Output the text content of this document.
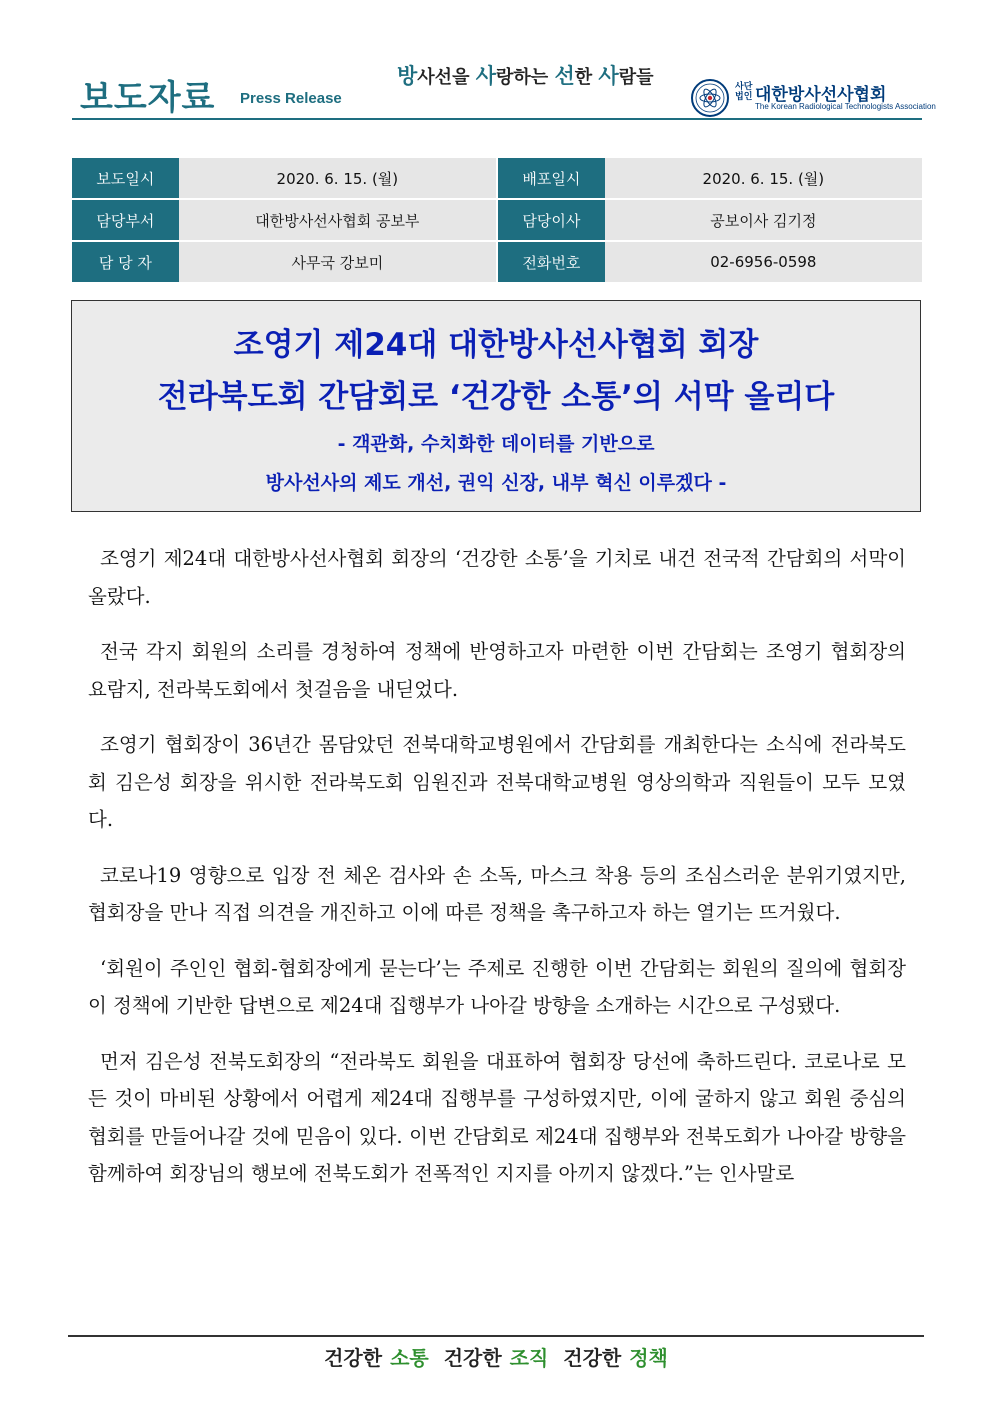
보도자료 Press Release
방사선을 사랑하는 선한 사람들	사단
법인 대한방사선사협회
The Korean Radiological Technologists Association
보도일시	2020. 6. 15. (월)		배포일시	2020. 6. 15. (월)
담당부서	대한방사선사협회 공보부		담당이사	공보이사 김기정
담 당 자	사무국 강보미		전화번호	02-6956-0598
조영기 제24대 대한방사선사협회 회장
전라북도회 간담회로 ‘건강한 소통’의 서막 올리다
- 객관화, 수치화한 데이터를 기반으로
방사선사의 제도 개선, 권익 신장, 내부 혁신 이루겠다 -

조영기 제24대 대한방사선사협회 회장의 ‘건강한 소통’을 기치로 내건 전국적 간담회의 서막이 올랐다.

전국 각지 회원의 소리를 경청하여 정책에 반영하고자 마련한 이번 간담회는 조영기 협회장의 요람지, 전라북도회에서 첫걸음을 내딛었다.

조영기 협회장이 36년간 몸담았던 전북대학교병원에서 간담회를 개최한다는 소식에 전라북도회 김은성 회장을 위시한 전라북도회 임원진과 전북대학교병원 영상의학과 직원들이 모두 모였다.

코로나19 영향으로 입장 전 체온 검사와 손 소독, 마스크 착용 등의 조심스러운 분위기였지만, 협회장을 만나 직접 의견을 개진하고 이에 따른 정책을 촉구하고자 하는 열기는 뜨거웠다.

‘회원이 주인인 협회-협회장에게 묻는다’는 주제로 진행한 이번 간담회는 회원의 질의에 협회장이 정책에 기반한 답변으로 제24대 집행부가 나아갈 방향을 소개하는 시간으로 구성됐다.

먼저 김은성 전북도회장의 “전라북도 회원을 대표하여 협회장 당선에 축하드린다. 코로나로 모든 것이 마비된 상황에서 어렵게 제24대 집행부를 구성하였지만, 이에 굴하지 않고 회원 중심의 협회를 만들어나갈 것에 믿음이 있다. 이번 간담회로 제24대 집행부와 전북도회가 나아갈 방향을 함께하여 회장님의 행보에 전북도회가 전폭적인 지지를 아끼지 않겠다.”는 인사말로

건강한 소통 건강한 조직 건강한 정책
